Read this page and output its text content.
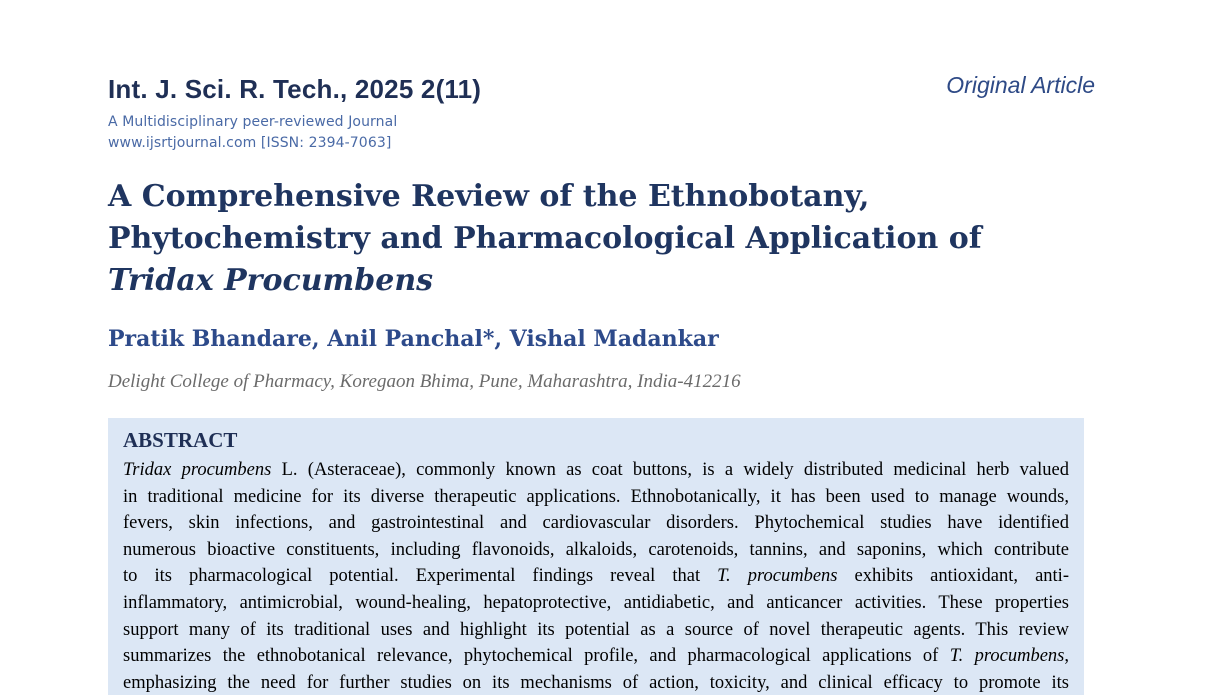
Int. J. Sci. R. Tech., 2025 2(11)	Original Article
A Multidisciplinary peer-reviewed Journal
www.ijsrtjournal.com [ISSN: 2394-7063]
A Comprehensive Review of the Ethnobotany,
Phytochemistry and Pharmacological Application of
Tridax Procumbens
Pratik Bhandare, Anil Panchal*, Vishal Madankar
Delight College of Pharmacy, Koregaon Bhima, Pune, Maharashtra, India-412216
ABSTRACT
Tridax procumbens L. (Asteraceae), commonly known as coat buttons, is a widely distributed medicinal herb valued
in traditional medicine for its diverse therapeutic applications. Ethnobotanically, it has been used to manage wounds,
fevers, skin infections, and gastrointestinal and cardiovascular disorders. Phytochemical studies have identified
numerous bioactive constituents, including flavonoids, alkaloids, carotenoids, tannins, and saponins, which contribute
to its pharmacological potential. Experimental findings reveal that T. procumbens exhibits antioxidant, anti-
inflammatory, antimicrobial, wound-healing, hepatoprotective, antidiabetic, and anticancer activities. These properties
support many of its traditional uses and highlight its potential as a source of novel therapeutic agents. This review
summarizes the ethnobotanical relevance, phytochemical profile, and pharmacological applications of T. procumbens,
emphasizing the need for further studies on its mechanisms of action, toxicity, and clinical efficacy to promote its
